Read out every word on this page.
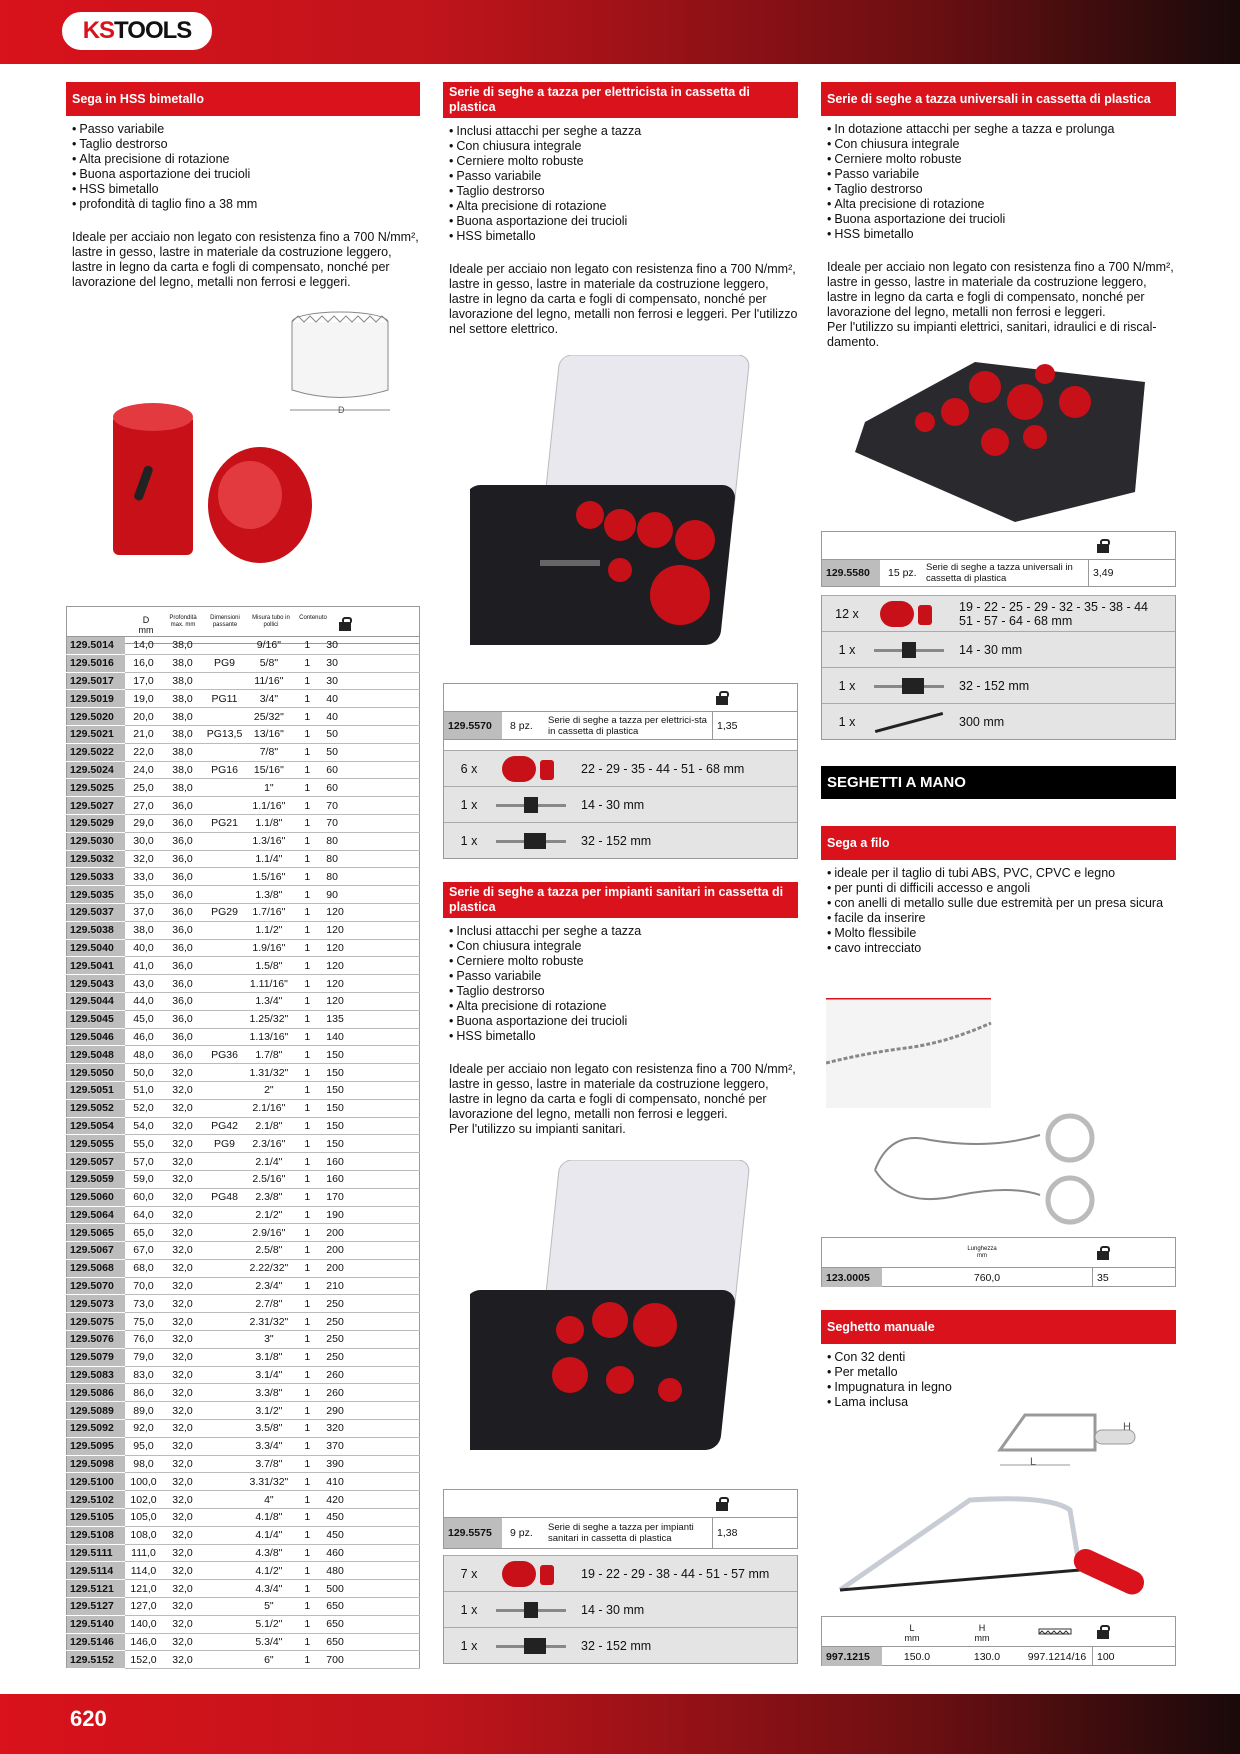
KS TOOLS
Sega in HSS bimetallo
• Passo variabile
• Taglio destrorso
• Alta precisione di rotazione
• Buona asportazione dei trucioli
• HSS bimetallo
• profondità di taglio fino a 38 mm
Ideale per acciaio non legato con resistenza fino a 700 N/mm², lastre in gesso, lastre in materiale da costruzione leggero, lastre in legno da carta e fogli di compensato, nonché per lavorazione del legno, metalli non ferrosi e leggeri.
D
D
mm
Profondità max. mm
Dimensioni passante
Misura tubo in pollici
Contenuto
129.5014	14,0	38,0		9/16"	1	30	
129.5016	16,0	38,0	PG9	5/8"	1	30	
129.5017	17,0	38,0		11/16"	1	30	
129.5019	19,0	38,0	PG11	3/4"	1	40	
129.5020	20,0	38,0		25/32"	1	40	
129.5021	21,0	38,0	PG13,5	13/16"	1	50	
129.5022	22,0	38,0		7/8"	1	50	
129.5024	24,0	38,0	PG16	15/16"	1	60	
129.5025	25,0	38,0		1"	1	60	
129.5027	27,0	36,0		1.1/16"	1	70	
129.5029	29,0	36,0	PG21	1.1/8"	1	70	
129.5030	30,0	36,0		1.3/16"	1	80	
129.5032	32,0	36,0		1.1/4"	1	80	
129.5033	33,0	36,0		1.5/16"	1	80	
129.5035	35,0	36,0		1.3/8"	1	90	
129.5037	37,0	36,0	PG29	1.7/16"	1	120	
129.5038	38,0	36,0		1.1/2"	1	120	
129.5040	40,0	36,0		1.9/16"	1	120	
129.5041	41,0	36,0		1.5/8"	1	120	
129.5043	43,0	36,0		1.11/16"	1	120	
129.5044	44,0	36,0		1.3/4"	1	120	
129.5045	45,0	36,0		1.25/32"	1	135	
129.5046	46,0	36,0		1.13/16"	1	140	
129.5048	48,0	36,0	PG36	1.7/8"	1	150	
129.5050	50,0	32,0		1.31/32"	1	150	
129.5051	51,0	32,0		2"	1	150	
129.5052	52,0	32,0		2.1/16"	1	150	
129.5054	54,0	32,0	PG42	2.1/8"	1	150	
129.5055	55,0	32,0	PG9	2.3/16"	1	150	
129.5057	57,0	32,0		2.1/4"	1	160	
129.5059	59,0	32,0		2.5/16"	1	160	
129.5060	60,0	32,0	PG48	2.3/8"	1	170	
129.5064	64,0	32,0		2.1/2"	1	190	
129.5065	65,0	32,0		2.9/16"	1	200	
129.5067	67,0	32,0		2.5/8"	1	200	
129.5068	68,0	32,0		2.22/32"	1	200	
129.5070	70,0	32,0		2.3/4"	1	210	
129.5073	73,0	32,0		2.7/8"	1	250	
129.5075	75,0	32,0		2.31/32"	1	250	
129.5076	76,0	32,0		3"	1	250	
129.5079	79,0	32,0		3.1/8"	1	250	
129.5083	83,0	32,0		3.1/4"	1	260	
129.5086	86,0	32,0		3.3/8"	1	260	
129.5089	89,0	32,0		3.1/2"	1	290	
129.5092	92,0	32,0		3.5/8"	1	320	
129.5095	95,0	32,0		3.3/4"	1	370	
129.5098	98,0	32,0		3.7/8"	1	390	
129.5100	100,0	32,0		3.31/32"	1	410	
129.5102	102,0	32,0		4"	1	420	
129.5105	105,0	32,0		4.1/8"	1	450	
129.5108	108,0	32,0		4.1/4"	1	450	
129.5111	111,0	32,0		4.3/8"	1	460	
129.5114	114,0	32,0		4.1/2"	1	480	
129.5121	121,0	32,0		4.3/4"	1	500	
129.5127	127,0	32,0		5"	1	650	
129.5140	140,0	32,0		5.1/2"	1	650	
129.5146	146,0	32,0		5.3/4"	1	650	
129.5152	152,0	32,0		6"	1	700	
Serie di seghe a tazza per elettricista in cassetta di plastica
• Inclusi attacchi per seghe a tazza
• Con chiusura integrale
• Cerniere molto robuste
• Passo variabile
• Taglio destrorso
• Alta precisione di rotazione
• Buona asportazione dei trucioli
• HSS bimetallo
Ideale per acciaio non legato con resistenza fino a 700 N/mm², lastre in gesso, lastre in materiale da costruzione leggero, lastre in legno da carta e fogli di compensato, nonché per lavorazione del legno, metalli non ferrosi e leggeri. Per l'utilizzo nel settore elettrico.
129.5570	8 pz.	Serie di seghe a tazza per elettrici-sta in cassetta di plastica	1,35
6 x	22 - 29 - 35 - 44 - 51 - 68 mm
1 x	14 - 30 mm
1 x	32 - 152 mm
Serie di seghe a tazza per impianti sanitari in cassetta di plastica
• Inclusi attacchi per seghe a tazza
• Con chiusura integrale
• Cerniere molto robuste
• Passo variabile
• Taglio destrorso
• Alta precisione di rotazione
• Buona asportazione dei trucioli
• HSS bimetallo
Ideale per acciaio non legato con resistenza fino a 700 N/mm², lastre in gesso, lastre in materiale da costruzione leggero, lastre in legno da carta e fogli di compensato, nonché per lavorazione del legno, metalli non ferrosi e leggeri.
Per l'utilizzo su impianti sanitari.
129.5575	9 pz.	Serie di seghe a tazza per impianti sanitari in cassetta di plastica	1,38
7 x	19 - 22 - 29 - 38 - 44 - 51 - 57 mm
1 x	14 - 30 mm
1 x	32 - 152 mm
Serie di seghe a tazza universali in cassetta di plastica
• In dotazione attacchi per seghe a tazza e prolunga
• Con chiusura integrale
• Cerniere molto robuste
• Passo variabile
• Taglio destrorso
• Alta precisione di rotazione
• Buona asportazione dei trucioli
• HSS bimetallo
Ideale per acciaio non legato con resistenza fino a 700 N/mm², lastre in gesso, lastre in materiale da costruzione leggero, lastre in legno da carta e fogli di compensato, nonché per lavorazione del legno, metalli non ferrosi e leggeri.
Per l'utilizzo su impianti elettrici, sanitari, idraulici e di riscal-damento.
129.5580	15 pz. Serie di seghe a tazza universali in cassetta di plastica	3,49
12 x	19 - 22 - 25 - 29 - 32 - 35 - 38 - 44
51 - 57 - 64 - 68 mm
1 x	14 - 30 mm
1 x	32 - 152 mm
1 x	300 mm
SEGHETTI A MANO
Sega a filo
• ideale per il taglio di tubi ABS, PVC, CPVC e legno
• per punti di difficili accesso e angoli
• con anelli di metallo sulle due estremità per un presa sicura
• facile da inserire
• Molto flessibile
• cavo intrecciato
Lunghezza
mm
123.0005	760,0	35
Seghetto manuale
• Con 32 denti
• Per metallo
• Impugnatura in legno
• Lama inclusa
L
H
L
mm
H
mm
997.1215	150.0	130.0	997.1214/16	100
620
